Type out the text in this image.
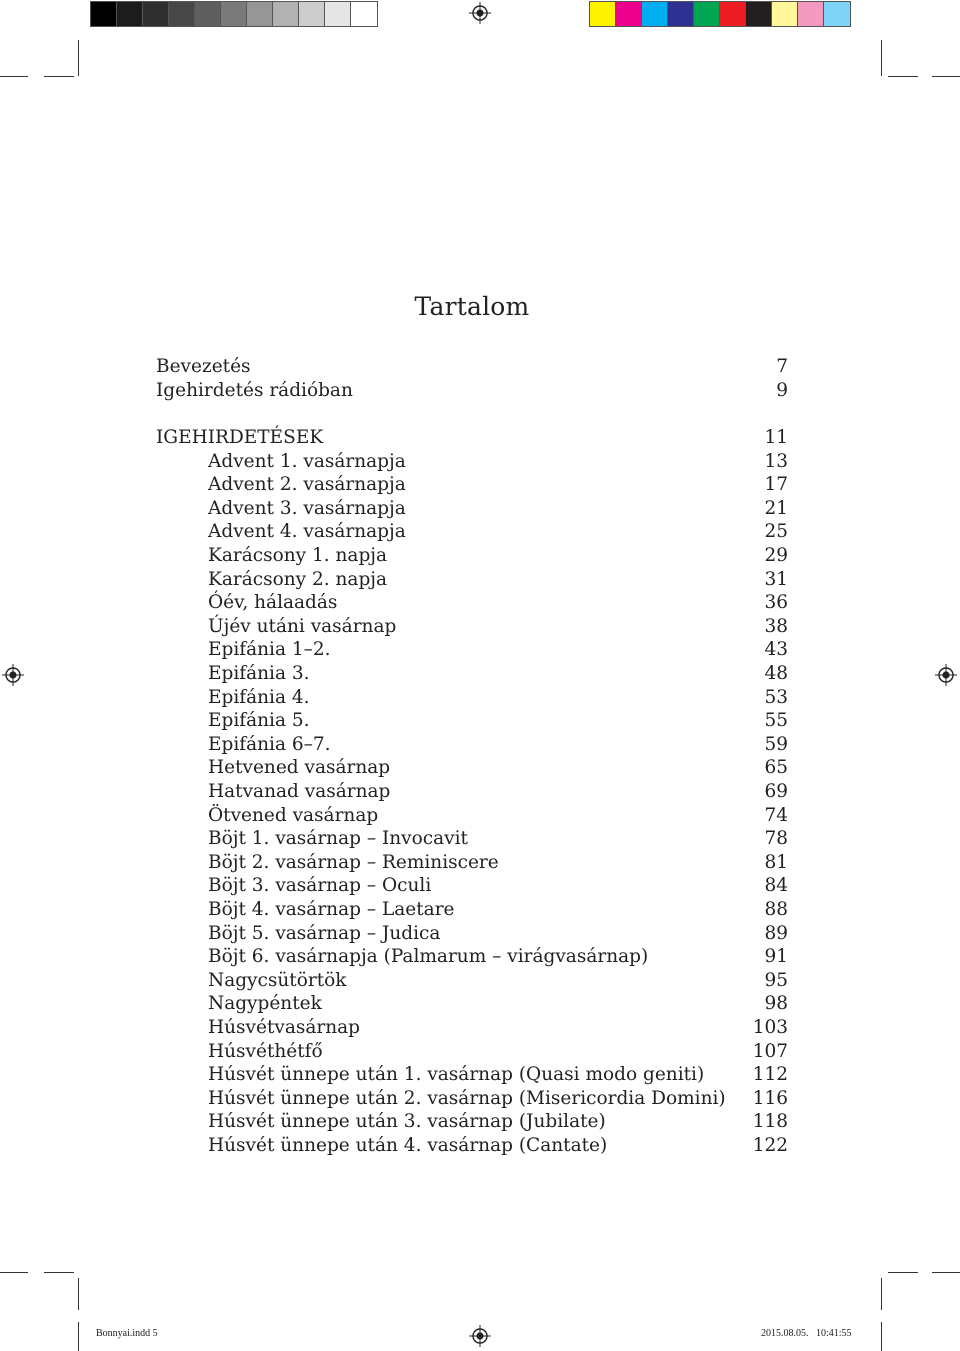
Tartalom
Bevezetés	7
Igehirdetés rádióban	9
IGEHIRDETÉSEK	11
Advent 1. vasárnapja	13
Advent 2. vasárnapja	17
Advent 3. vasárnapja	21
Advent 4. vasárnapja	25
Karácsony 1. napja	29
Karácsony 2. napja	31
Óév, hálaadás	36
Újév utáni vasárnap	38
Epifánia 1–2.	43
Epifánia 3.	48
Epifánia 4.	53
Epifánia 5.	55
Epifánia 6–7.	59
Hetvened vasárnap	65
Hatvanad vasárnap	69
Ötvened vasárnap	74
Böjt 1. vasárnap – Invocavit	78
Böjt 2. vasárnap – Reminiscere	81
Böjt 3. vasárnap – Oculi	84
Böjt 4. vasárnap – Laetare	88
Böjt 5. vasárnap – Judica	89
Böjt 6. vasárnapja (Palmarum – virágvasárnap)	91
Nagycsütörtök	95
Nagypéntek	98
Húsvétvasárnap	103
Húsvéthétfő	107
Húsvét ünnepe után 1. vasárnap (Quasi modo geniti)	112
Húsvét ünnepe után 2. vasárnap (Misericordia Domini) 116
Húsvét ünnepe után 3. vasárnap (Jubilate)	118
Húsvét ünnepe után 4. vasárnap (Cantate)	122
Bonnyai.indd 5	2015.08.05.   10:41:55
